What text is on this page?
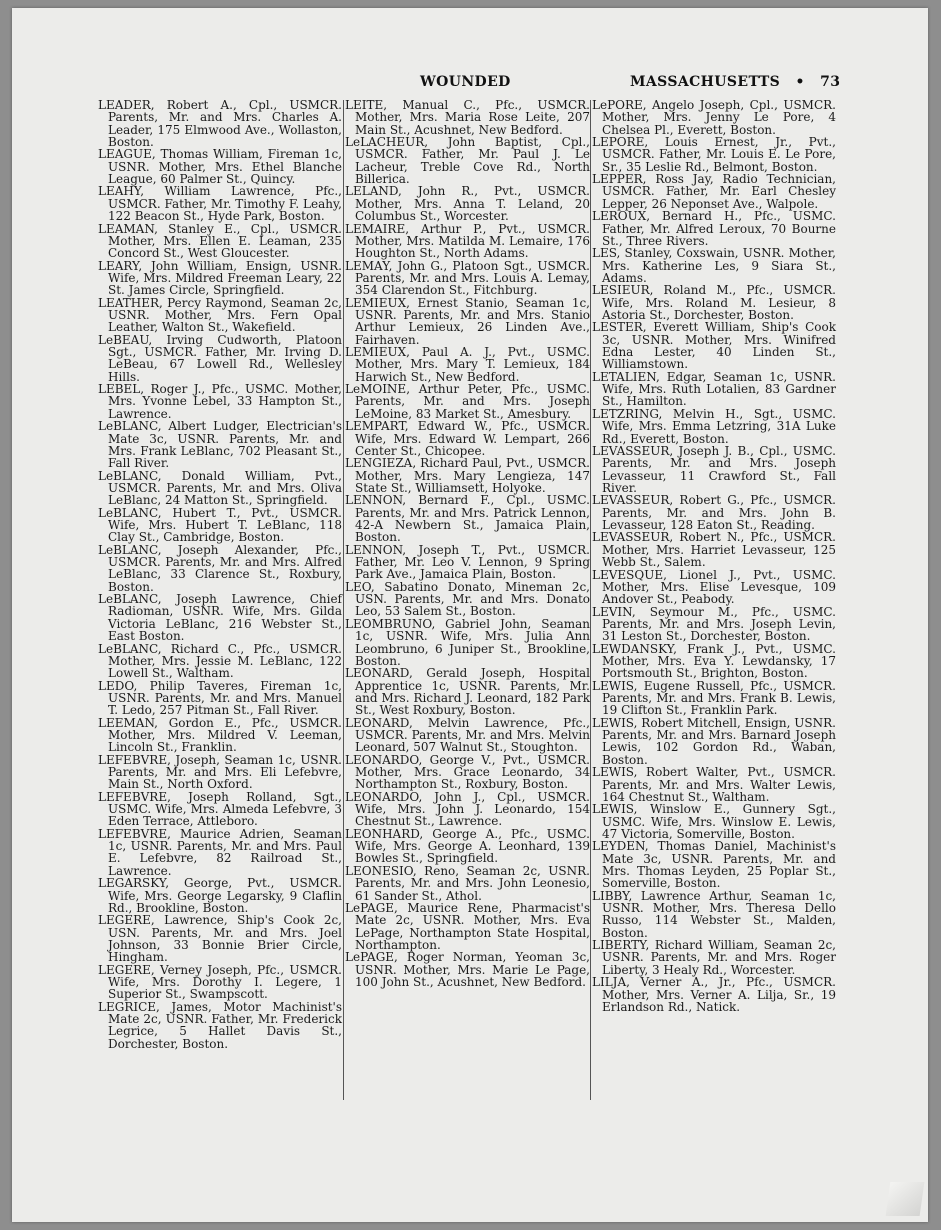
WOUNDED	MASSACHUSETTS • 73

LEADER, Robert A., Cpl., USMCR. Parents, Mr. and Mrs. Charles A. Leader, 175 Elmwood Ave., Wollaston, Boston.

LEAGUE, Thomas William, Fireman 1c, USNR. Mother, Mrs. Ethel Blanche League, 60 Palmer St., Quincy.

LEAHY, William Lawrence, Pfc., USMCR. Father, Mr. Timothy F. Leahy, 122 Beacon St., Hyde Park, Boston.

LEAMAN, Stanley E., Cpl., USMCR. Mother, Mrs. Ellen E. Leaman, 235 Concord St., West Gloucester.

LEARY, John William, Ensign, USNR. Wife, Mrs. Mildred Freeman Leary, 22 St. James Circle, Springfield.

LEATHER, Percy Raymond, Seaman 2c, USNR. Mother, Mrs. Fern Opal Leather, Walton St., Wakefield.

LeBEAU, Irving Cudworth, Platoon Sgt., USMCR. Father, Mr. Irving D. LeBeau, 67 Lowell Rd., Wellesley Hills.

LEBEL, Roger J., Pfc., USMC. Mother, Mrs. Yvonne Lebel, 33 Hampton St., Lawrence.

LeBLANC, Albert Ludger, Electrician's Mate 3c, USNR. Parents, Mr. and Mrs. Frank LeBlanc, 702 Pleasant St., Fall River.

LeBLANC, Donald William, Pvt., USMCR. Parents, Mr. and Mrs. Oliva LeBlanc, 24 Matton St., Springfield.

LeBLANC, Hubert T., Pvt., USMCR. Wife, Mrs. Hubert T. LeBlanc, 118 Clay St., Cambridge, Boston.

LeBLANC, Joseph Alexander, Pfc., USMCR. Parents, Mr. and Mrs. Alfred LeBlanc, 33 Clarence St., Roxbury, Boston.

LeBLANC, Joseph Lawrence, Chief Radioman, USNR. Wife, Mrs. Gilda Victoria LeBlanc, 216 Webster St., East Boston.

LeBLANC, Richard C., Pfc., USMCR. Mother, Mrs. Jessie M. LeBlanc, 122 Lowell St., Waltham.

LEDO, Philip Taveres, Fireman 1c, USNR. Parents, Mr. and Mrs. Manuel T. Ledo, 257 Pitman St., Fall River.

LEEMAN, Gordon E., Pfc., USMCR. Mother, Mrs. Mildred V. Leeman, Lincoln St., Franklin.

LEFEBVRE, Joseph, Seaman 1c, USNR. Parents, Mr. and Mrs. Eli Lefebvre, Main St., North Oxford.

LEFEBVRE, Joseph Rolland, Sgt., USMC. Wife, Mrs. Almeda Lefebvre, 3 Eden Terrace, Attleboro.

LEFEBVRE, Maurice Adrien, Seaman 1c, USNR. Parents, Mr. and Mrs. Paul E. Lefebvre, 82 Railroad St., Lawrence.

LEGARSKY, George, Pvt., USMCR. Wife, Mrs. George Legarsky, 9 Claflin Rd., Brookline, Boston.

LEGERE, Lawrence, Ship's Cook 2c, USN. Parents, Mr. and Mrs. Joel Johnson, 33 Bonnie Brier Circle, Hingham.

LEGERE, Verney Joseph, Pfc., USMCR. Wife, Mrs. Dorothy I. Legere, 1 Superior St., Swampscott.

LEGRICE, James, Motor Machinist's Mate 2c, USNR. Father, Mr. Frederick Legrice, 5 Hallet Davis St., Dorchester, Boston.

LEITE, Manual C., Pfc., USMCR. Mother, Mrs. Maria Rose Leite, 207 Main St., Acushnet, New Bedford.

LeLACHEUR, John Baptist, Cpl., USMCR. Father, Mr. Paul J. Le Lacheur, Treble Cove Rd., North Billerica.

LELAND, John R., Pvt., USMCR. Mother, Mrs. Anna T. Leland, 20 Columbus St., Worcester.

LEMAIRE, Arthur P., Pvt., USMCR. Mother, Mrs. Matilda M. Lemaire, 176 Houghton St., North Adams.

LEMAY, John G., Platoon Sgt., USMCR. Parents, Mr. and Mrs. Louis A. Lemay, 354 Clarendon St., Fitchburg.

LEMIEUX, Ernest Stanio, Seaman 1c, USNR. Parents, Mr. and Mrs. Stanio Arthur Lemieux, 26 Linden Ave., Fairhaven.

LEMIEUX, Paul A. J., Pvt., USMC. Mother, Mrs. Mary T. Lemieux, 184 Harwich St., New Bedford.

LeMOINE, Arthur Peter, Pfc., USMC. Parents, Mr. and Mrs. Joseph LeMoine, 83 Market St., Amesbury.

LEMPART, Edward W., Pfc., USMCR. Wife, Mrs. Edward W. Lempart, 266 Center St., Chicopee.

LENGIEZA, Richard Paul, Pvt., USMCR. Mother, Mrs. Mary Lengieza, 147 State St., Williamsett, Holyoke.

LENNON, Bernard F., Cpl., USMC. Parents, Mr. and Mrs. Patrick Lennon, 42-A Newbern St., Jamaica Plain, Boston.

LENNON, Joseph T., Pvt., USMCR. Father, Mr. Leo V. Lennon, 9 Spring Park Ave., Jamaica Plain, Boston.

LEO, Sabatino Donato, Mineman 2c, USN. Parents, Mr. and Mrs. Donato Leo, 53 Salem St., Boston.

LEOMBRUNO, Gabriel John, Seaman 1c, USNR. Wife, Mrs. Julia Ann Leombruno, 6 Juniper St., Brookline, Boston.

LEONARD, Gerald Joseph, Hospital Apprentice 1c, USNR. Parents, Mr. and Mrs. Richard J. Leonard, 182 Park St., West Roxbury, Boston.

LEONARD, Melvin Lawrence, Pfc., USMCR. Parents, Mr. and Mrs. Melvin Leonard, 507 Walnut St., Stoughton.

LEONARDO, George V., Pvt., USMCR. Mother, Mrs. Grace Leonardo, 34 Northampton St., Roxbury, Boston.

LEONARDO, John J., Cpl., USMCR. Wife, Mrs. John J. Leonardo, 154 Chestnut St., Lawrence.

LEONHARD, George A., Pfc., USMC. Wife, Mrs. George A. Leonhard, 139 Bowles St., Springfield.

LEONESIO, Reno, Seaman 2c, USNR. Parents, Mr. and Mrs. John Leonesio, 61 Sander St., Athol.

LePAGE, Maurice Rene, Pharmacist's Mate 2c, USNR. Mother, Mrs. Eva LePage, Northampton State Hospital, Northampton.

LePAGE, Roger Norman, Yeoman 3c, USNR. Mother, Mrs. Marie Le Page, 100 John St., Acushnet, New Bedford.

LePORE, Angelo Joseph, Cpl., USMCR. Mother, Mrs. Jenny Le Pore, 4 Chelsea Pl., Everett, Boston.

LEPORE, Louis Ernest, Jr., Pvt., USMCR. Father, Mr. Louis E. Le Pore, Sr., 35 Leslie Rd., Belmont, Boston.

LEPPER, Ross Jay, Radio Technician, USMCR. Father, Mr. Earl Chesley Lepper, 26 Neponset Ave., Walpole.

LEROUX, Bernard H., Pfc., USMC. Father, Mr. Alfred Leroux, 70 Bourne St., Three Rivers.

LES, Stanley, Coxswain, USNR. Mother, Mrs. Katherine Les, 9 Siara St., Adams.

LESIEUR, Roland M., Pfc., USMCR. Wife, Mrs. Roland M. Lesieur, 8 Astoria St., Dorchester, Boston.

LESTER, Everett William, Ship's Cook 3c, USNR. Mother, Mrs. Winifred Edna Lester, 40 Linden St., Williamstown.

LETALIEN, Edgar, Seaman 1c, USNR. Wife, Mrs. Ruth Lotalien, 83 Gardner St., Hamilton.

LETZRING, Melvin H., Sgt., USMC. Wife, Mrs. Emma Letzring, 31A Luke Rd., Everett, Boston.

LEVASSEUR, Joseph J. B., Cpl., USMC. Parents, Mr. and Mrs. Joseph Levasseur, 11 Crawford St., Fall River.

LEVASSEUR, Robert G., Pfc., USMCR. Parents, Mr. and Mrs. John B. Levasseur, 128 Eaton St., Reading.

LEVASSEUR, Robert N., Pfc., USMCR. Mother, Mrs. Harriet Levasseur, 125 Webb St., Salem.

LEVESQUE, Lionel J., Pvt., USMC. Mother, Mrs. Elise Levesque, 109 Andover St., Peabody.

LEVIN, Seymour M., Pfc., USMC. Parents, Mr. and Mrs. Joseph Levin, 31 Leston St., Dorchester, Boston.

LEWDANSKY, Frank J., Pvt., USMC. Mother, Mrs. Eva Y. Lewdansky, 17 Portsmouth St., Brighton, Boston.

LEWIS, Eugene Russell, Pfc., USMCR. Parents, Mr. and Mrs. Frank B. Lewis, 19 Clifton St., Franklin Park.

LEWIS, Robert Mitchell, Ensign, USNR. Parents, Mr. and Mrs. Barnard Joseph Lewis, 102 Gordon Rd., Waban, Boston.

LEWIS, Robert Walter, Pvt., USMCR. Parents, Mr. and Mrs. Walter Lewis, 164 Chestnut St., Waltham.

LEWIS, Winslow E., Gunnery Sgt., USMC. Wife, Mrs. Winslow E. Lewis, 47 Victoria, Somerville, Boston.

LEYDEN, Thomas Daniel, Machinist's Mate 3c, USNR. Parents, Mr. and Mrs. Thomas Leyden, 25 Poplar St., Somerville, Boston.

LIBBY, Lawrence Arthur, Seaman 1c, USNR. Mother, Mrs. Theresa Dello Russo, 114 Webster St., Malden, Boston.

LIBERTY, Richard William, Seaman 2c, USNR. Parents, Mr. and Mrs. Roger Liberty, 3 Healy Rd., Worcester.

LILJA, Verner A., Jr., Pfc., USMCR. Mother, Mrs. Verner A. Lilja, Sr., 19 Erlandson Rd., Natick.
